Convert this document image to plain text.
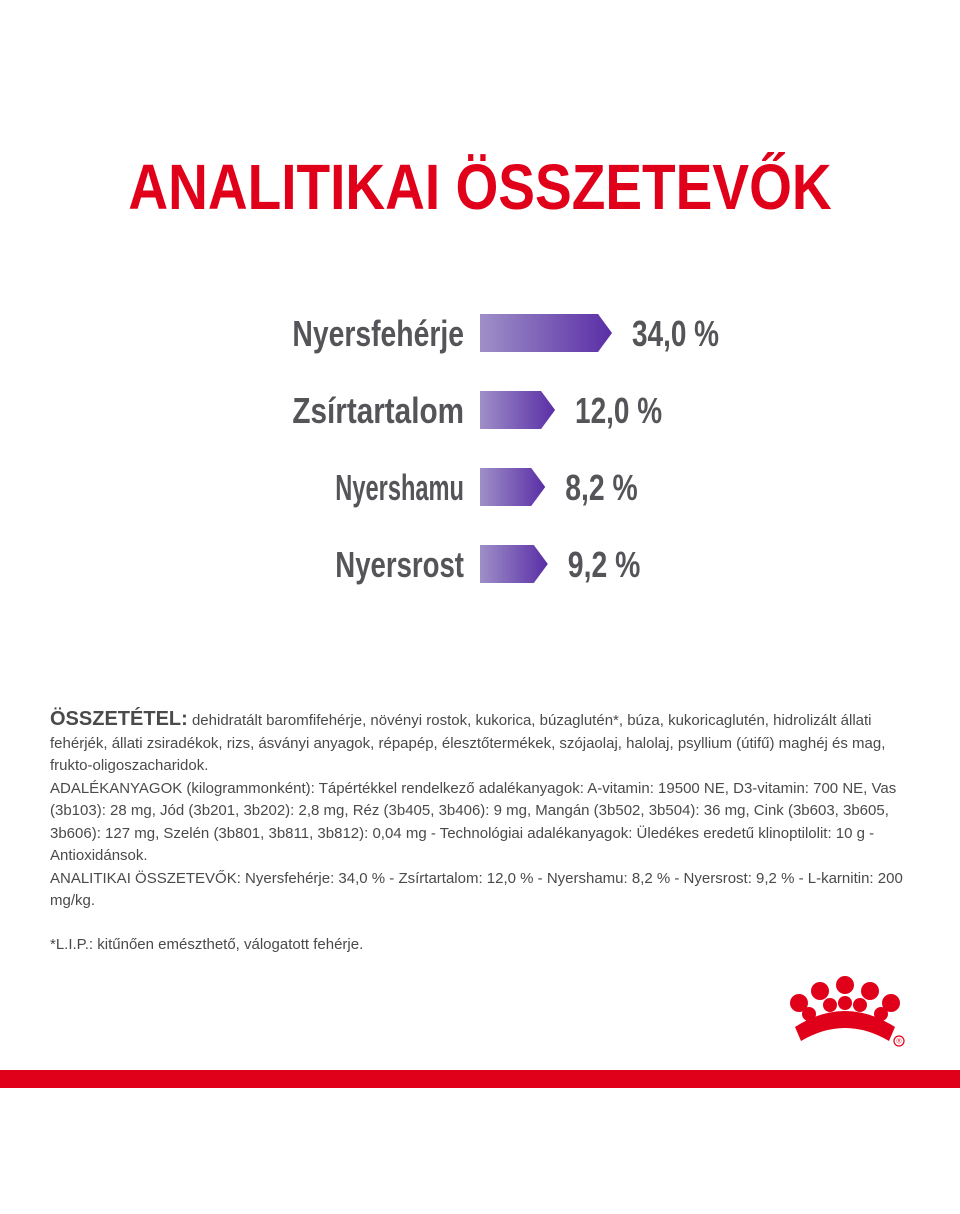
ANALITIKAI ÖSSZETEVŐK
Nyersfehérje	34,0 %
Zsírtartalom	12,0 %
Nyershamu	8,2 %
Nyersrost	9,2 %

ÖSSZETÉTEL: dehidratált baromfifehérje, növényi rostok, kukorica, búzaglutén*, búza, kukoricaglutén, hidrolizált állati fehérjék, állati zsiradékok, rizs, ásványi anyagok, répapép, élesztőtermékek, szójaolaj, halolaj, psyllium (útifű) maghéj és mag, frukto-oligoszacharidok.

ADALÉKANYAGOK (kilogrammonként): Tápértékkel rendelkező adalékanyagok: A-vitamin: 19500 NE, D3-vitamin: 700 NE, Vas (3b103): 28 mg, Jód (3b201, 3b202): 2,8 mg, Réz (3b405, 3b406): 9 mg, Mangán (3b502, 3b504): 36 mg, Cink (3b603, 3b605, 3b606): 127 mg, Szelén (3b801, 3b811, 3b812): 0,04 mg - Technológiai adalékanyagok: Üledékes eredetű klinoptilolit: 10 g - Antioxidánsok.

ANALITIKAI ÖSSZETEVŐK: Nyersfehérje: 34,0 % - Zsírtartalom: 12,0 % - Nyershamu: 8,2 % - Nyersrost: 9,2 % - L-karnitin: 200 mg/kg.

*L.I.P.: kitűnően emészthető, válogatott fehérje.
®
